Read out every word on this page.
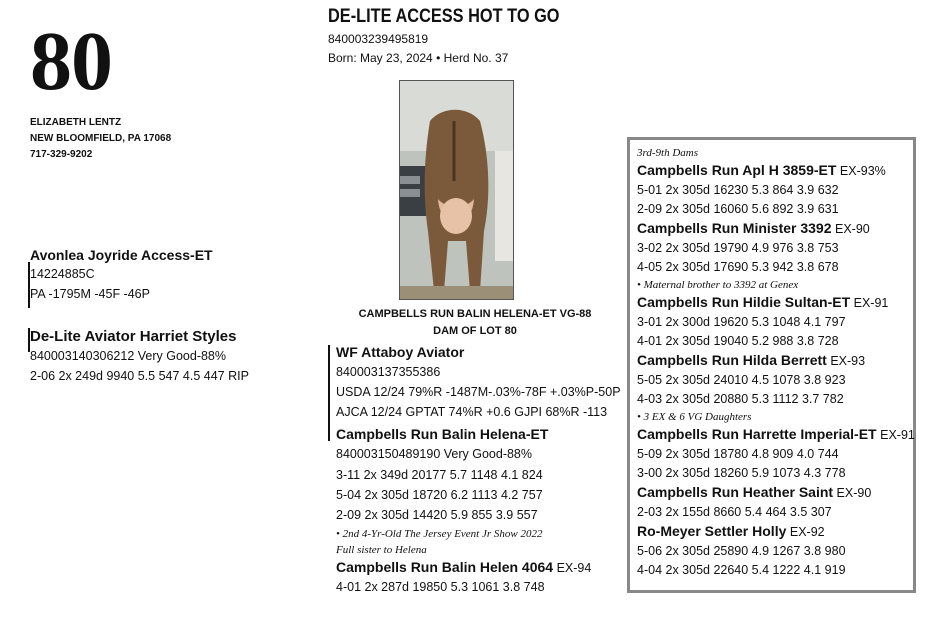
80
ELIZABETH LENTZ
NEW BLOOMFIELD, PA 17068
717-329-9202
DE-LITE ACCESS HOT TO GO
840003239495819
Born: May 23, 2024 • Herd No. 37
CAMPBELLS RUN BALIN HELENA-ET VG-88
DAM OF LOT 80
Avonlea Joyride Access-ET
14224885C
PA -1795M -45F -46P
De-Lite Aviator Harriet Styles
840003140306212 Very Good-88%
2-06 2x 249d 9940 5.5 547 4.5 447 RIP
WF Attaboy Aviator
840003137355386
USDA 12/24 79%R -1487M-.03%-78F +.03%P-50P
AJCA 12/24 GPTAT 74%R +0.6 GJPI 68%R -113
Campbells Run Balin Helena-ET
840003150489190 Very Good-88%
3-11 2x 349d 20177 5.7 1148 4.1 824
5-04 2x 305d 18720 6.2 1113 4.2 757
2-09 2x 305d 14420 5.9 855 3.9 557
• 2nd 4-Yr-Old The Jersey Event Jr Show 2022
Full sister to Helena
Campbells Run Balin Helen 4064 EX-94
4-01 2x 287d 19850 5.3 1061 3.8 748
3rd-9th Dams
Campbells Run Apl H 3859-ET EX-93%
5-01 2x 305d 16230 5.3 864 3.9 632
2-09 2x 305d 16060 5.6 892 3.9 631
Campbells Run Minister 3392 EX-90
3-02 2x 305d 19790 4.9 976 3.8 753
4-05 2x 305d 17690 5.3 942 3.8 678
• Maternal brother to 3392 at Genex
Campbells Run Hildie Sultan-ET EX-91
3-01 2x 300d 19620 5.3 1048 4.1 797
4-01 2x 305d 19040 5.2 988 3.8 728
Campbells Run Hilda Berrett EX-93
5-05 2x 305d 24010 4.5 1078 3.8 923
4-03 2x 305d 20880 5.3 1112 3.7 782
• 3 EX & 6 VG Daughters
Campbells Run Harrette Imperial-ET EX-91
5-09 2x 305d 18780 4.8 909 4.0 744
3-00 2x 305d 18260 5.9 1073 4.3 778
Campbells Run Heather Saint EX-90
2-03 2x 155d 8660 5.4 464 3.5 307
Ro-Meyer Settler Holly EX-92
5-06 2x 305d 25890 4.9 1267 3.8 980
4-04 2x 305d 22640 5.4 1222 4.1 919
